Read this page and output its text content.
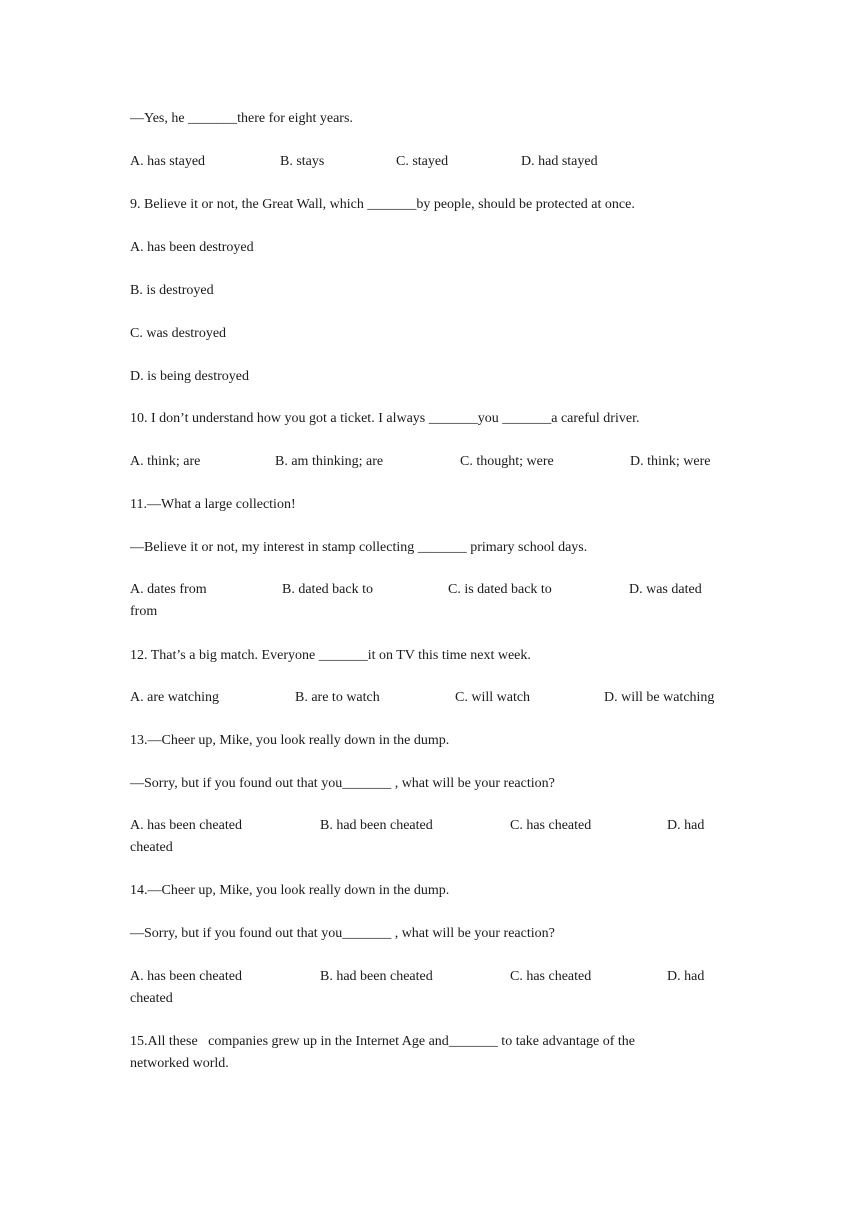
—Yes, he _______there for eight years.
A. has stayed	B. stays	C. stayed	D. had stayed
9. Believe it or not, the Great Wall, which _______by people, should be protected at once.
A. has been destroyed
B. is destroyed
C. was destroyed
D. is being destroyed
10. I don’t understand how you got a ticket. I always _______you _______a careful driver.
A. think; are	B. am thinking; are	C. thought; were	D. think; were
11.—What a large collection!
—Believe it or not, my interest in stamp collecting _______ primary school days.
A. dates from	B. dated back to	C. is dated back to	D. was dated
from
12. That’s a big match. Everyone _______it on TV this time next week.
A. are watching	B. are to watch	C. will watch	D. will be watching
13.—Cheer up, Mike, you look really down in the dump.
—Sorry, but if you found out that you_______ , what will be your reaction?
A. has been cheated	B. had been cheated	C. has cheated	D. had
cheated
14.—Cheer up, Mike, you look really down in the dump.
—Sorry, but if you found out that you_______ , what will be your reaction?
A. has been cheated	B. had been cheated	C. has cheated	D. had
cheated
15.All these   companies grew up in the Internet Age and_______ to take advantage of the
networked world.
